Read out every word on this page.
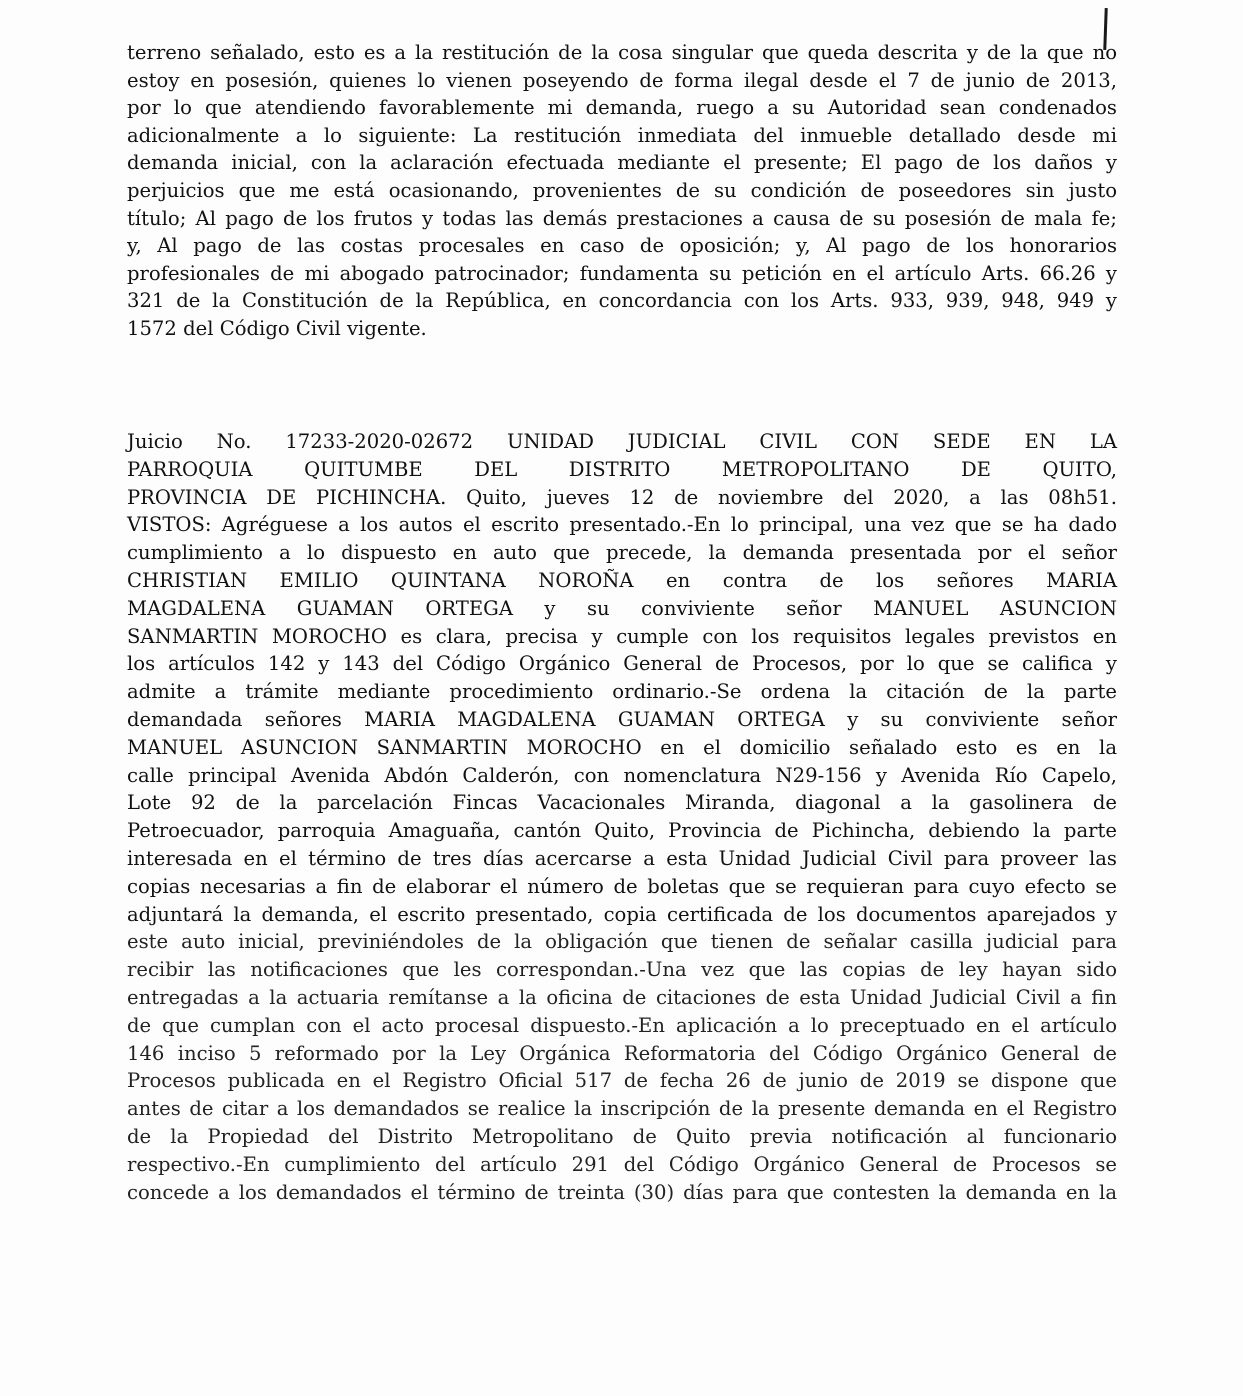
terreno señalado, esto es a la restitución de la cosa singular que queda descrita y de la que no
estoy en posesión, quienes lo vienen poseyendo de forma ilegal desde el 7 de junio de 2013,
por lo que atendiendo favorablemente mi demanda, ruego a su Autoridad sean condenados
adicionalmente a lo siguiente: La restitución inmediata del inmueble detallado desde mi
demanda inicial, con la aclaración efectuada mediante el presente; El pago de los daños y
perjuicios que me está ocasionando, provenientes de su condición de poseedores sin justo
título; Al pago de los frutos y todas las demás prestaciones a causa de su posesión de mala fe;
y, Al pago de las costas procesales en caso de oposición; y, Al pago de los honorarios
profesionales de mi abogado patrocinador; fundamenta su petición en el artículo Arts. 66.26 y
321 de la Constitución de la República, en concordancia con los Arts. 933, 939, 948, 949 y
1572 del Código Civil vigente.
Juicio No. 17233-2020-02672 UNIDAD JUDICIAL CIVIL CON SEDE EN LA
PARROQUIA QUITUMBE DEL DISTRITO METROPOLITANO DE QUITO,
PROVINCIA DE PICHINCHA. Quito, jueves 12 de noviembre del 2020, a las 08h51.
VISTOS: Agréguese a los autos el escrito presentado.-En lo principal, una vez que se ha dado
cumplimiento a lo dispuesto en auto que precede, la demanda presentada por el señor
CHRISTIAN EMILIO QUINTANA NOROÑA en contra de los señores MARIA
MAGDALENA GUAMAN ORTEGA y su conviviente señor MANUEL ASUNCION
SANMARTIN MOROCHO es clara, precisa y cumple con los requisitos legales previstos en
los artículos 142 y 143 del Código Orgánico General de Procesos, por lo que se califica y
admite a trámite mediante procedimiento ordinario.-Se ordena la citación de la parte
demandada señores MARIA MAGDALENA GUAMAN ORTEGA y su conviviente señor
MANUEL ASUNCION SANMARTIN MOROCHO en el domicilio señalado esto es en la
calle principal Avenida Abdón Calderón, con nomenclatura N29-156 y Avenida Río Capelo,
Lote 92 de la parcelación Fincas Vacacionales Miranda, diagonal a la gasolinera de
Petroecuador, parroquia Amaguaña, cantón Quito, Provincia de Pichincha, debiendo la parte
interesada en el término de tres días acercarse a esta Unidad Judicial Civil para proveer las
copias necesarias a fin de elaborar el número de boletas que se requieran para cuyo efecto se
adjuntará la demanda, el escrito presentado, copia certificada de los documentos aparejados y
este auto inicial, previniéndoles de la obligación que tienen de señalar casilla judicial para
recibir las notificaciones que les correspondan.-Una vez que las copias de ley hayan sido
entregadas a la actuaria remítanse a la oficina de citaciones de esta Unidad Judicial Civil a fin
de que cumplan con el acto procesal dispuesto.-En aplicación a lo preceptuado en el artículo
146 inciso 5 reformado por la Ley Orgánica Reformatoria del Código Orgánico General de
Procesos publicada en el Registro Oficial 517 de fecha 26 de junio de 2019 se dispone que
antes de citar a los demandados se realice la inscripción de la presente demanda en el Registro
de la Propiedad del Distrito Metropolitano de Quito previa notificación al funcionario
respectivo.-En cumplimiento del artículo 291 del Código Orgánico General de Procesos se
concede a los demandados el término de treinta (30) días para que contesten la demanda en la
